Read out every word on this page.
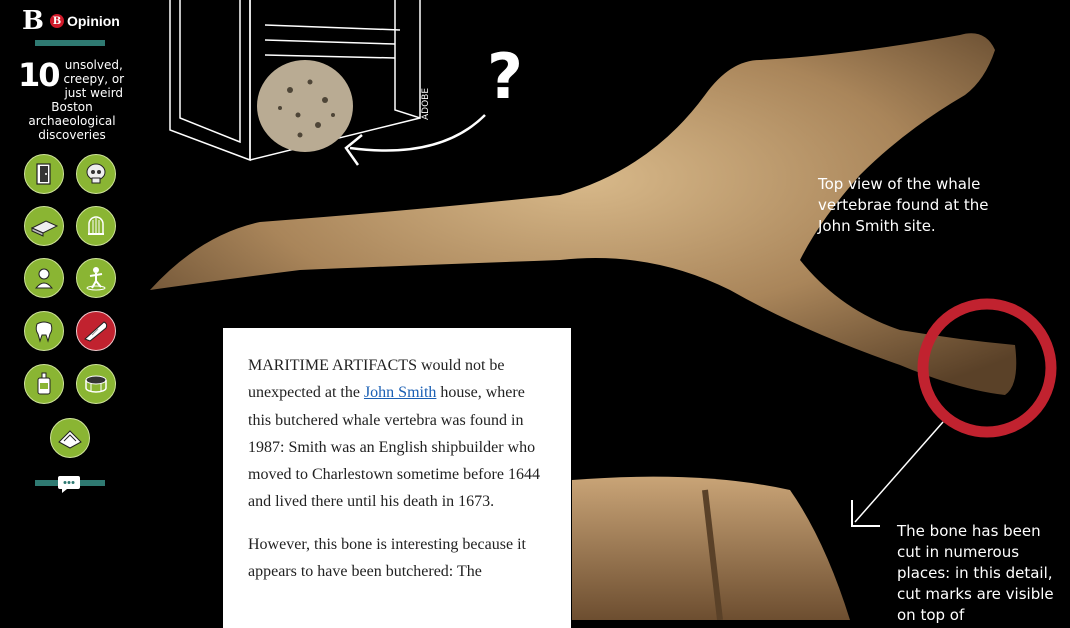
B B Opinion
10 unsolved, creepy, or just weird Boston archaeological discoveries
ADOBE ?
Top view of the whale vertebrae found at the John Smith site.
The bone has been cut in numerous places: in this detail, cut marks are visible on top of

MARITIME ARTIFACTS would not be unexpected at the John Smith house, where this butchered whale vertebra was found in 1987: Smith was an English shipbuilder who moved to Charlestown sometime before 1644 and lived there until his death in 1673.

However, this bone is interesting because it appears to have been butchered: The
